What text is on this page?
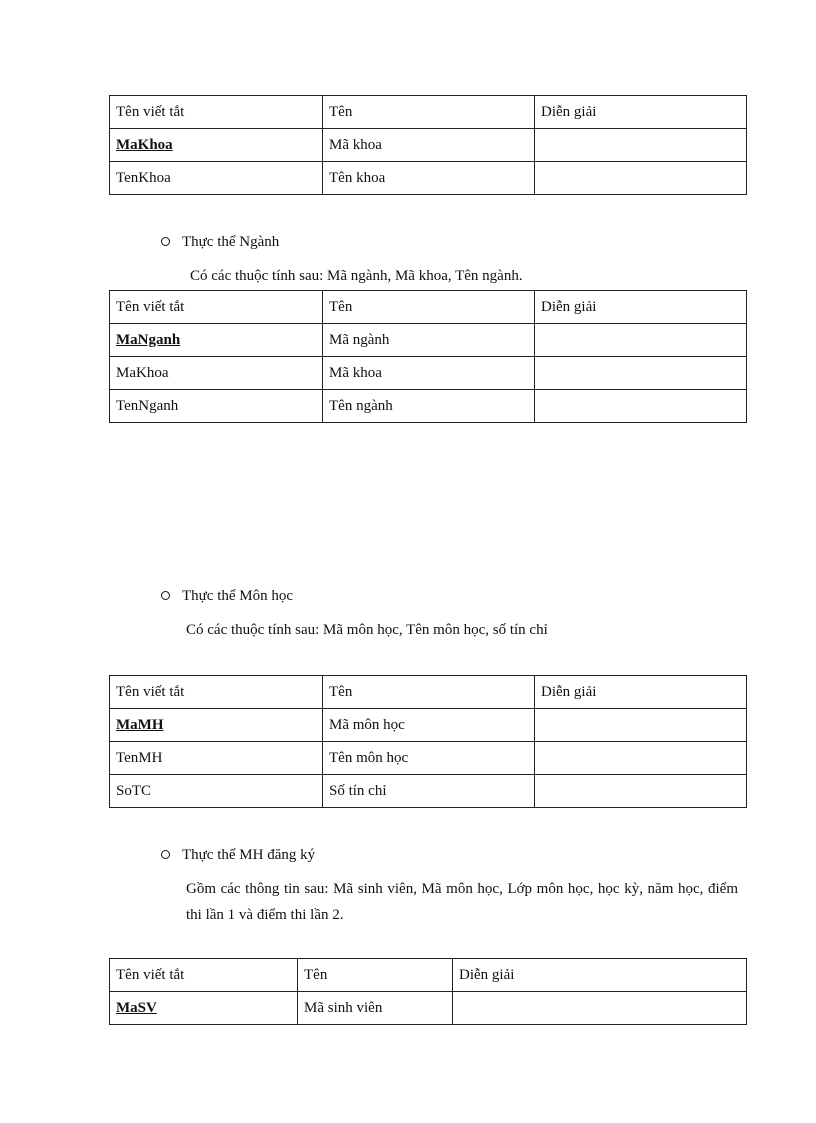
Tên viết tắt	Tên	Diễn giải
MaKhoa	Mã khoa	
TenKhoa	Tên khoa	
Thực thể Ngành
Có các thuộc tính sau: Mã ngành, Mã khoa, Tên ngành.
Tên viết tắt	Tên	Diễn giải
MaNganh	Mã ngành	
MaKhoa	Mã khoa	
TenNganh	Tên ngành	
Thực thể Môn học
Có các thuộc tính sau: Mã môn học, Tên môn học, số tín chỉ
Tên viết tắt	Tên	Diễn giải
MaMH	Mã môn học	
TenMH	Tên môn học	
SoTC	Số tín chỉ	
Thực thể MH đăng ký
Gồm các thông tin sau: Mã sinh viên, Mã môn học, Lớp môn học, học kỳ, năm học, điểm thi lần 1 và điểm thi lần 2.
Tên viết tắt	Tên	Diễn giải
MaSV	Mã sinh viên	
